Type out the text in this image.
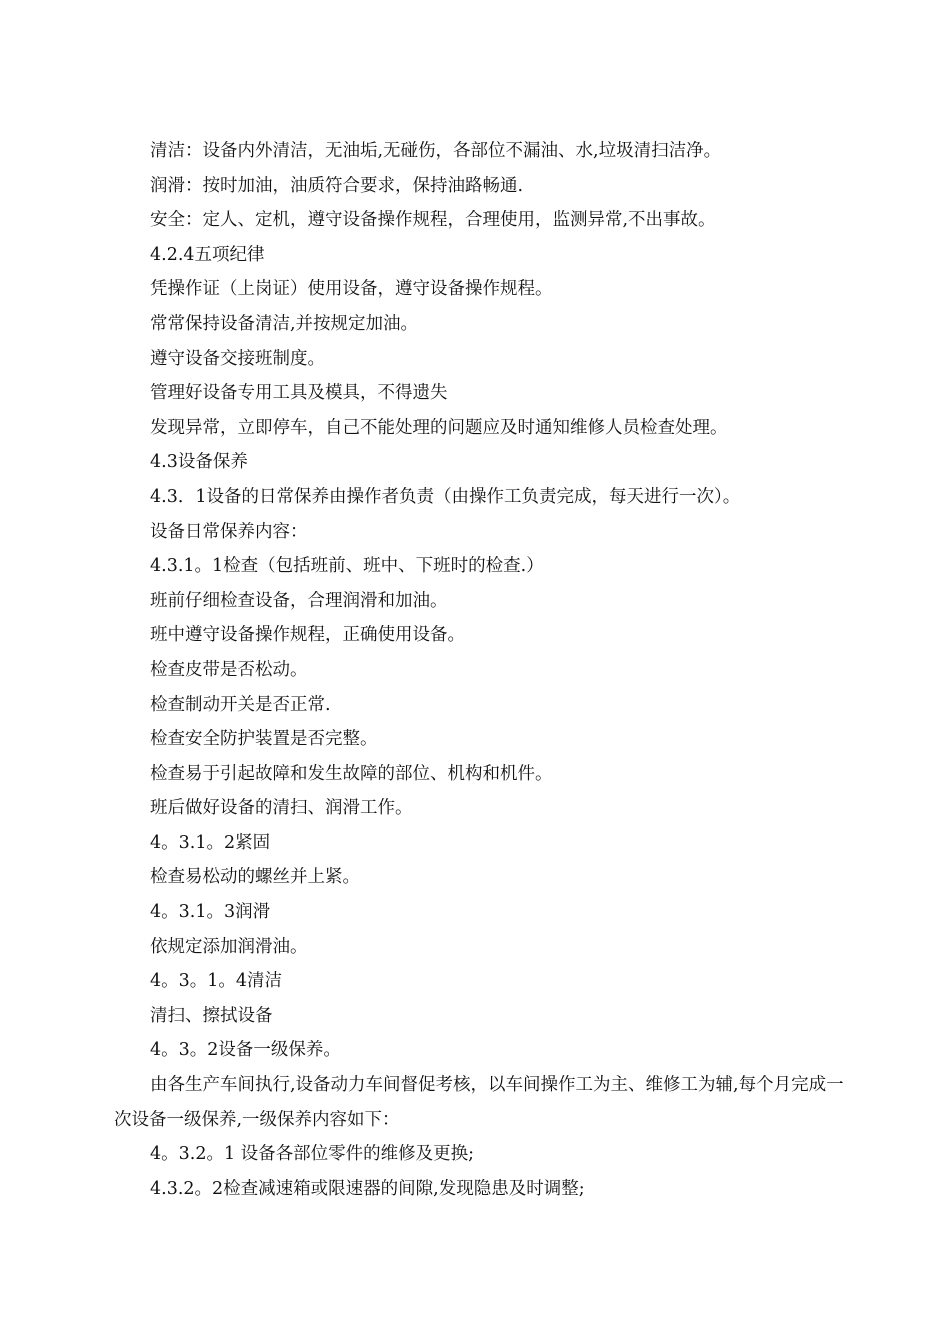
清洁：设备内外清洁，无油垢,无碰伤，各部位不漏油、水,垃圾清扫洁净。
润滑：按时加油，油质符合要求，保持油路畅通.
安全：定人、定机，遵守设备操作规程，合理使用，监测异常,不出事故。
4.2.4五项纪律
凭操作证（上岗证）使用设备，遵守设备操作规程。
常常保持设备清洁,并按规定加油。
遵守设备交接班制度。
管理好设备专用工具及模具，不得遗失
发现异常，立即停车，自己不能处理的问题应及时通知维修人员检查处理。
4.3设备保养
4.3．1设备的日常保养由操作者负责（由操作工负责完成，每天进行一次）。
设备日常保养内容：
4.3.1。1检查（包括班前、班中、下班时的检查.）
班前仔细检查设备，合理润滑和加油。
班中遵守设备操作规程，正确使用设备。
检查皮带是否松动。
检查制动开关是否正常.
检查安全防护装置是否完整。
检查易于引起故障和发生故障的部位、机构和机件。
班后做好设备的清扫、润滑工作。
4。3.1。2紧固
检查易松动的螺丝并上紧。
4。3.1。3润滑
依规定添加润滑油。
4。3。1。4清洁
清扫、擦拭设备
4。3。2设备一级保养。
由各生产车间执行,设备动力车间督促考核，以车间操作工为主、维修工为辅,每个月完成一次设备一级保养,一级保养内容如下：
4。3.2。1 设备各部位零件的维修及更换;
4.3.2。2检查减速箱或限速器的间隙,发现隐患及时调整;
